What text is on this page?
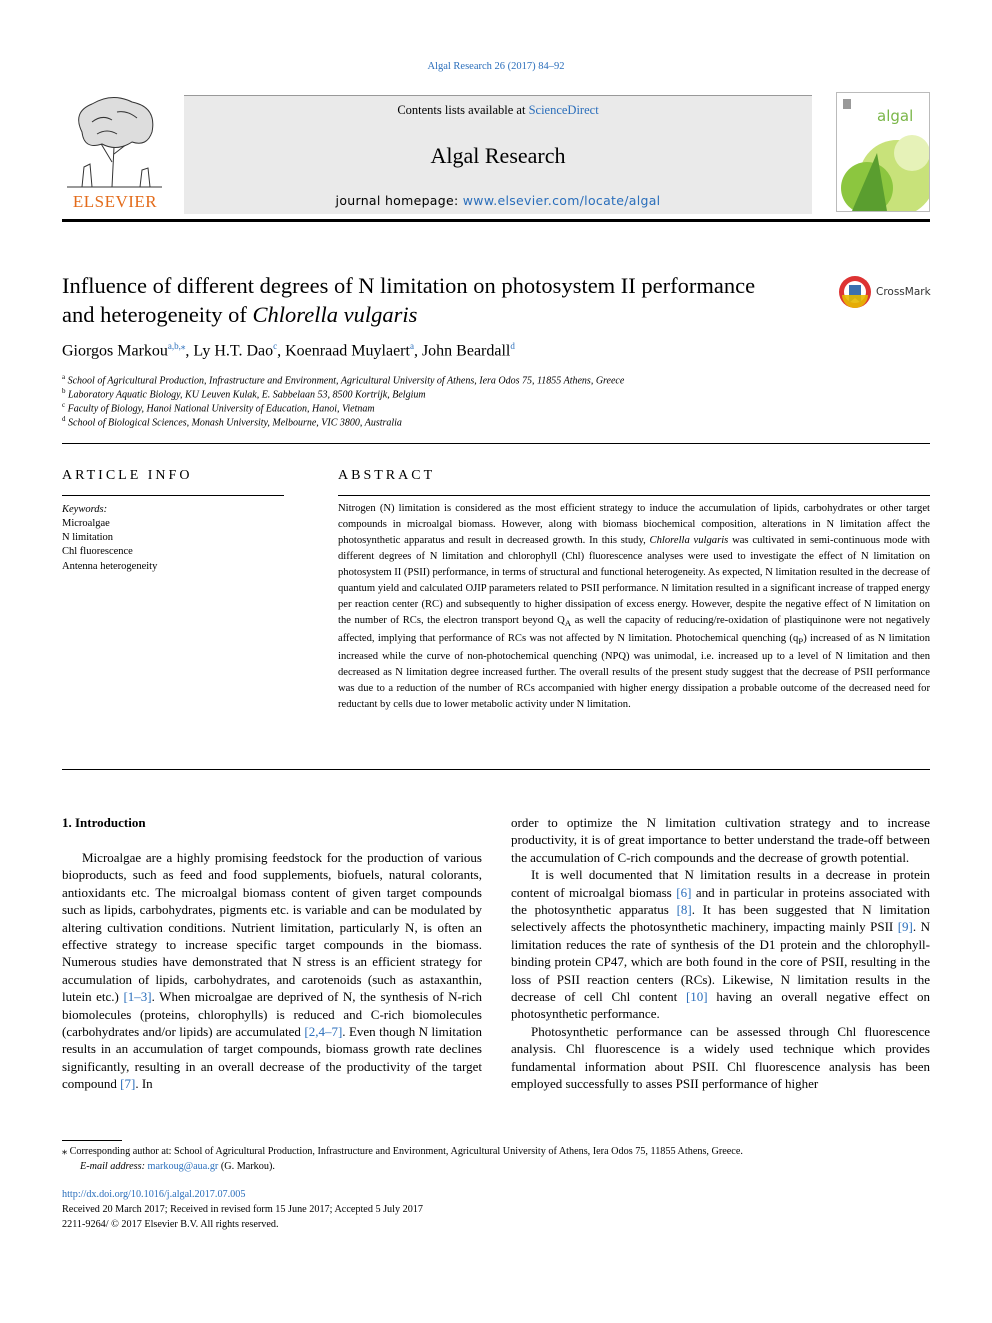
Algal Research 26 (2017) 84–92
ELSEVIER
Contents lists available at ScienceDirect
Algal Research
journal homepage: www.elsevier.com/locate/algal
algal
Influence of different degrees of N limitation on photosystem II performance
and heterogeneity of Chlorella vulgaris
CrossMark
Giorgos Markou$^{a,b,⁎}$, Ly H.T. Dao$^c$, Koenraad Muylaert$^a$, John Beardall$^d$
$^a$ School of Agricultural Production, Infrastructure and Environment, Agricultural University of Athens, Iera Odos 75, 11855 Athens, Greece
$^b$ Laboratory Aquatic Biology, KU Leuven Kulak, E. Sabbelaan 53, 8500 Kortrijk, Belgium
$^c$ Faculty of Biology, Hanoi National University of Education, Hanoi, Vietnam
$^d$ School of Biological Sciences, Monash University, Melbourne, VIC 3800, Australia
ARTICLE INFO	ABSTRACT
Keywords:
Microalgae
N limitation
Chl fluorescence
Antenna heterogeneity
Nitrogen (N) limitation is considered as the most efficient strategy to induce the accumulation of lipids, carbohydrates or other target compounds in microalgal biomass. However, along with biomass biochemical composition, alterations in N limitation affect the photosynthetic apparatus and result in decreased growth. In this study, Chlorella vulgaris was cultivated in semi-continuous mode with different degrees of N limitation and chlorophyll (Chl) fluorescence analyses were used to investigate the effect of N limitation on photosystem II (PSII) performance, in terms of structural and functional heterogeneity. As expected, N limitation resulted in the decrease of quantum yield and calculated OJIP parameters related to PSII performance. N limitation resulted in a significant increase of trapped energy per reaction center (RC) and subsequently to higher dissipation of excess energy. However, despite the negative effect of N limitation on the number of RCs, the electron transport beyond $Q_A$ as well the capacity of reducing/re-oxidation of plastiquinone were not negatively affected, implying that performance of RCs was not affected by N limitation. Photochemical quenching $(q_P)$ increased of as N limitation increased while the curve of non-photochemical quenching (NPQ) was unimodal, i.e. increased up to a level of N limitation and then decreased as N limitation degree increased further. The overall results of the present study suggest that the decrease of PSII performance was due to a reduction of the number of RCs accompanied with higher energy dissipation a probable outcome of the decreased need for reductant by cells due to lower metabolic activity under N limitation.
1. Introduction

Microalgae are a highly promising feedstock for the production of various bioproducts, such as feed and food supplements, biofuels, natural colorants, antioxidants etc. The microalgal biomass content of given target compounds such as lipids, carbohydrates, pigments etc. is variable and can be modulated by altering cultivation conditions. Nutrient limitation, particularly N, is often an effective strategy to increase specific target compounds in the biomass. Numerous studies have demonstrated that N stress is an efficient strategy for accumulation of lipids, carbohydrates, and carotenoids (such as astaxanthin, lutein etc.) [1–3]. When microalgae are deprived of N, the synthesis of N-rich biomolecules (proteins, chlorophylls) is reduced and C-rich biomolecules (carbohydrates and/or lipids) are accumulated [2,4–7]. Even though N limitation results in an accumulation of target compounds, biomass growth rate declines significantly, resulting in an overall decrease of the productivity of the target compound [7]. In

order to optimize the N limitation cultivation strategy and to increase productivity, it is of great importance to better understand the trade-off between the accumulation of C-rich compounds and the decrease of growth potential.

It is well documented that N limitation results in a decrease in protein content of microalgal biomass [6] and in particular in proteins associated with the photosynthetic apparatus [8]. It has been suggested that N limitation selectively affects the photosynthetic machinery, impacting mainly PSII [9]. N limitation reduces the rate of synthesis of the D1 protein and the chlorophyll-binding protein CP47, which are both found in the core of PSII, resulting in the loss of PSII reaction centers (RCs). Likewise, N limitation results in the decrease of cell Chl content [10] having an overall negative effect on photosynthetic performance.

Photosynthetic performance can be assessed through Chl fluorescence analysis. Chl fluorescence is a widely used technique which provides fundamental information about PSII. Chl fluorescence analysis has been employed successfully to asses PSII performance of higher

⁎ Corresponding author at: School of Agricultural Production, Infrastructure and Environment, Agricultural University of Athens, Iera Odos 75, 11855 Athens, Greece.
E-mail address: markoug@aua.gr (G. Markou).
http://dx.doi.org/10.1016/j.algal.2017.07.005
Received 20 March 2017; Received in revised form 15 June 2017; Accepted 5 July 2017
2211-9264/ © 2017 Elsevier B.V. All rights reserved.
